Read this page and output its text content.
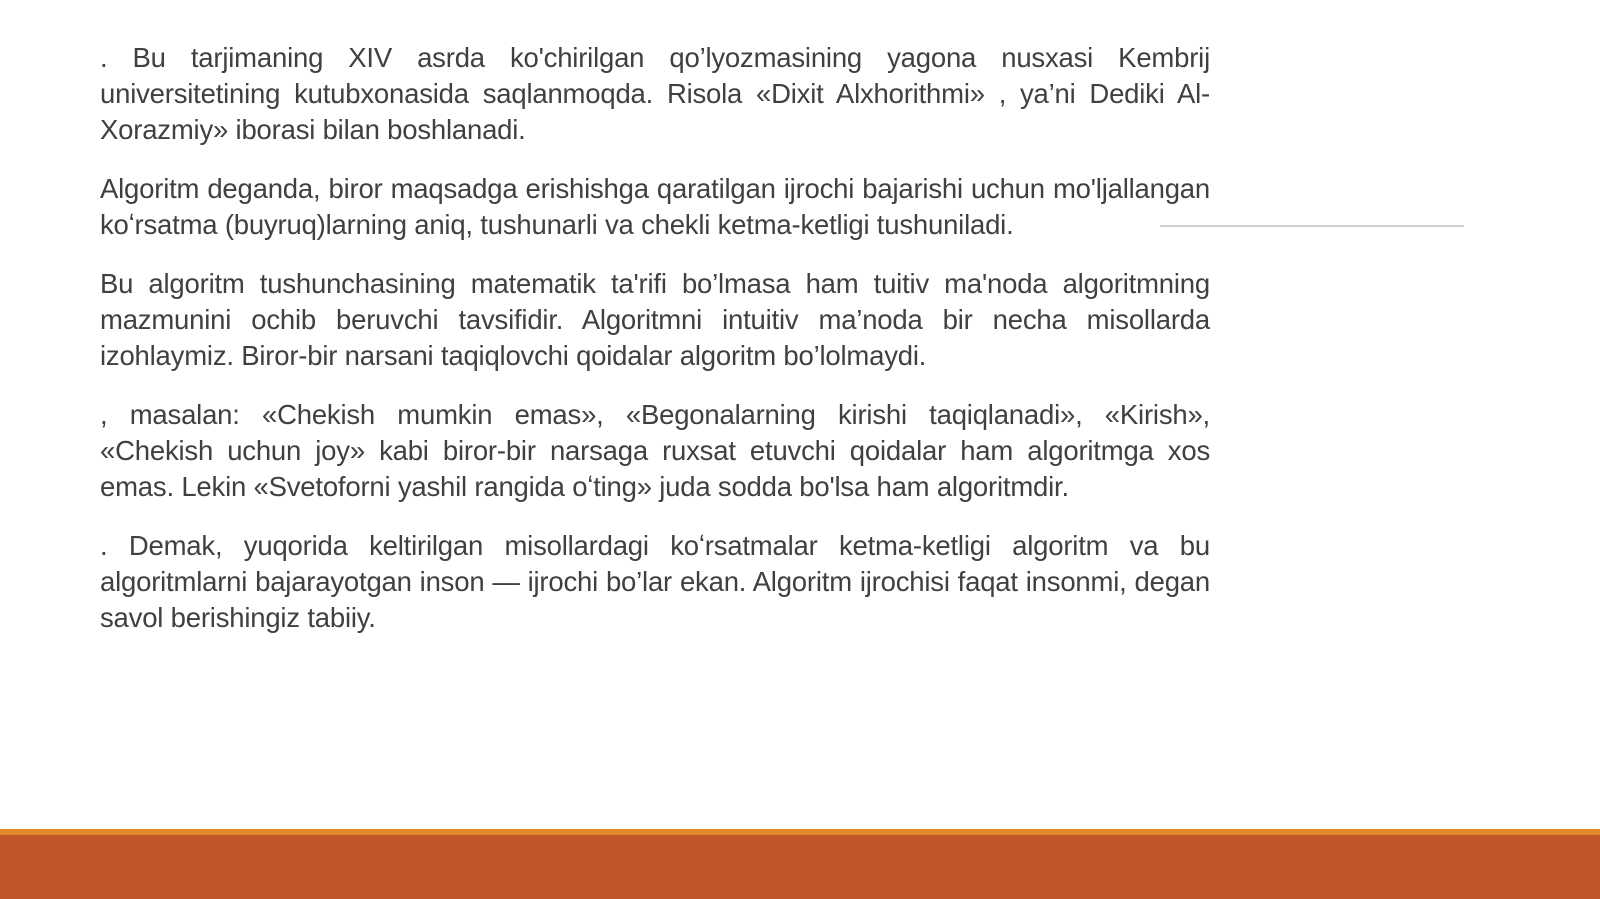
. Bu tarjimaning XIV asrda ko'chirilgan qo’lyozmasining yagona nusxasi Kembrij universitetining kutubxonasida saqlanmoqda. Risola «Dixit Alxhorithmi» , ya’ni Dediki Al-Xorazmiy» iborasi bilan boshlanadi.

Algoritm deganda, biror maqsadga erishishga qaratilgan ijrochi bajarishi uchun mo'ljallangan koʻrsatma (buyruq)larning aniq, tushunarli va chekli ketma-ketligi tushuniladi.

Bu algoritm tushunchasining matematik ta'rifi bo’lmasa ham tuitiv ma'noda algoritmning mazmunini ochib beruvchi tavsifidir. Algoritmni intuitiv ma’noda bir necha misollarda izohlaymiz. Biror-bir narsani taqiqlovchi qoidalar algoritm bo’lolmaydi.

, masalan: «Chekish mumkin emas», «Begonalarning kirishi taqiqlanadi», «Kirish», «Chekish uchun joy» kabi biror-bir narsaga ruxsat etuvchi qoidalar ham algoritmga xos emas. Lekin «Svetoforni yashil rangida oʻting» juda sodda bo'lsa ham algoritmdir.

. Demak, yuqorida keltirilgan misollardagi koʻrsatmalar ketma-ketligi algoritm va bu algoritmlarni bajarayotgan inson — ijrochi bo’lar ekan. Algoritm ijrochisi faqat insonmi, degan savol berishingiz tabiiy.
